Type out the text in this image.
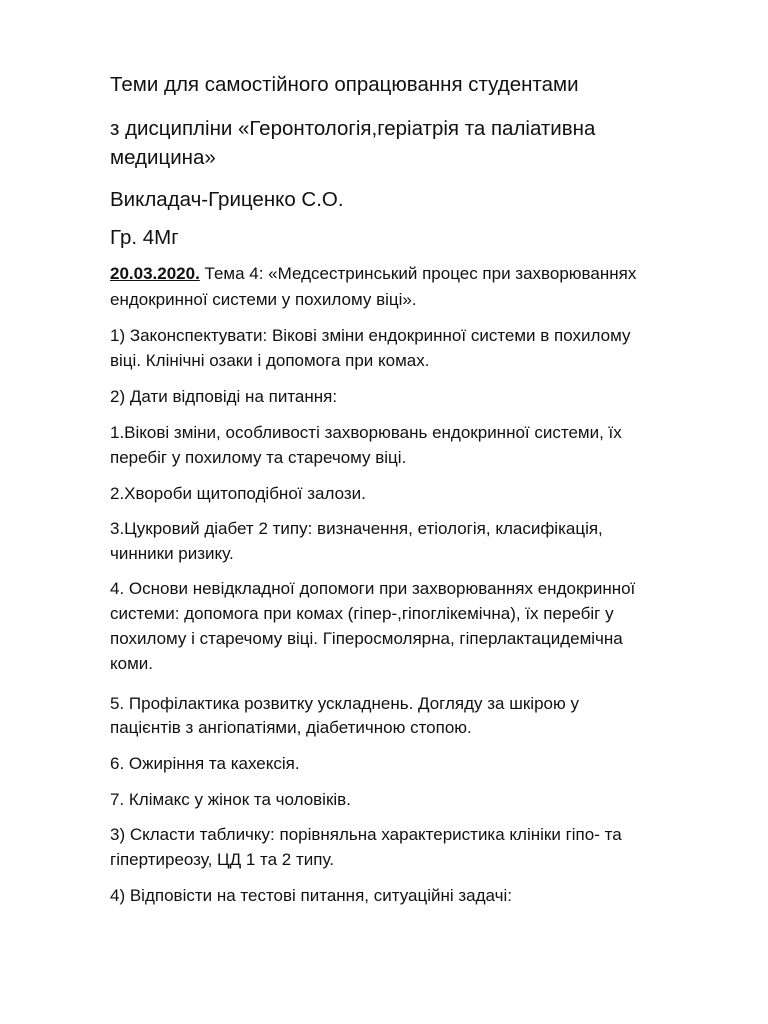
Теми для самостійного опрацювання студентами
з дисципліни «Геронтологія,геріатрія та паліативна
медицина»
Викладач-Гриценко С.О.
Гр. 4Мг
20.03.2020. Тема 4: «Медсестринський процес при захворюваннях
ендокринної системи у похилому віці».
1) Законспектувати: Вікові зміни ендокринної системи в похилому
віці. Клінічні озаки і допомога при комах.
2) Дати відповіді на питання:
1.Вікові зміни, особливості захворювань ендокринної системи, їх
перебіг у похилому та старечому віці.
2.Хвороби щитоподібної залози.
3.Цукровий діабет 2 типу: визначення, етіологія, класифікація,
чинники ризику.
4. Основи невідкладної допомоги при захворюваннях ендокринної
системи: допомога при комах (гіпер-,гіпоглікемічна), їх перебіг у
похилому і старечому віці. Гіперосмолярна, гіперлактацидемічна
коми.
5. Профілактика розвитку ускладнень. Догляду за шкірою у
пацієнтів з ангіопатіями, діабетичною стопою.
6. Ожиріння та кахексія.
7. Клімакс у жінок та чоловіків.
3) Скласти табличку: порівняльна характеристика клініки гіпо- та
гіпертиреозу, ЦД 1 та 2 типу.
4) Відповісти на тестові питання, ситуаційні задачі:
